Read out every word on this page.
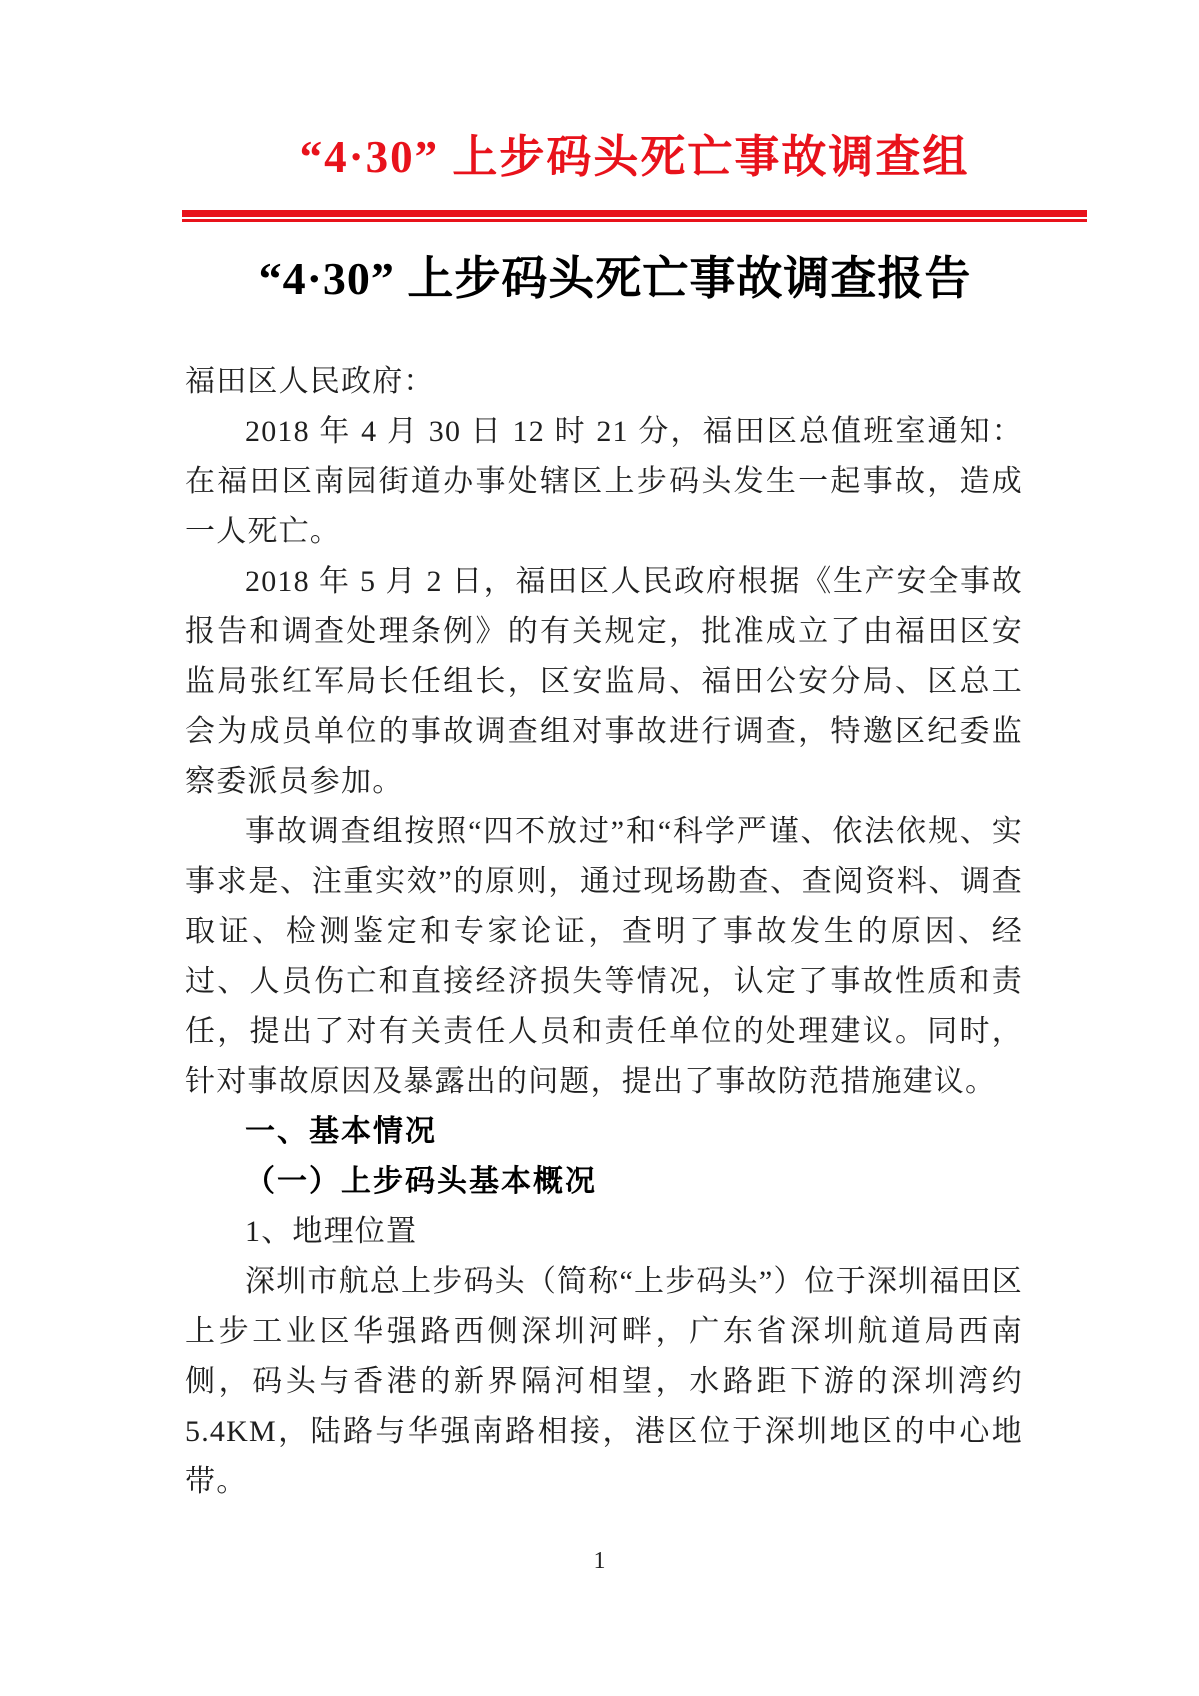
“4·30” 上步码头死亡事故调查组
“4·30” 上步码头死亡事故调查报告
福田区人民政府：
2018 年 4 月 30 日 12 时 21 分，福田区总值班室通知：在福田区南园街道办事处辖区上步码头发生一起事故，造成一人死亡。
2018 年 5 月 2 日，福田区人民政府根据《生产安全事故报告和调查处理条例》的有关规定，批准成立了由福田区安监局张红军局长任组长，区安监局、福田公安分局、区总工会为成员单位的事故调查组对事故进行调查，特邀区纪委监察委派员参加。
事故调查组按照“四不放过”和“科学严谨、依法依规、实事求是、注重实效”的原则，通过现场勘查、查阅资料、调查取证、检测鉴定和专家论证，查明了事故发生的原因、经过、人员伤亡和直接经济损失等情况，认定了事故性质和责任，提出了对有关责任人员和责任单位的处理建议。同时，针对事故原因及暴露出的问题，提出了事故防范措施建议。
一、基本情况
（一）上步码头基本概况
1、地理位置
深圳市航总上步码头（简称“上步码头”）位于深圳福田区上步工业区华强路西侧深圳河畔，广东省深圳航道局西南侧，码头与香港的新界隔河相望，水路距下游的深圳湾约 5.4KM，陆路与华强南路相接，港区位于深圳地区的中心地带。
1
